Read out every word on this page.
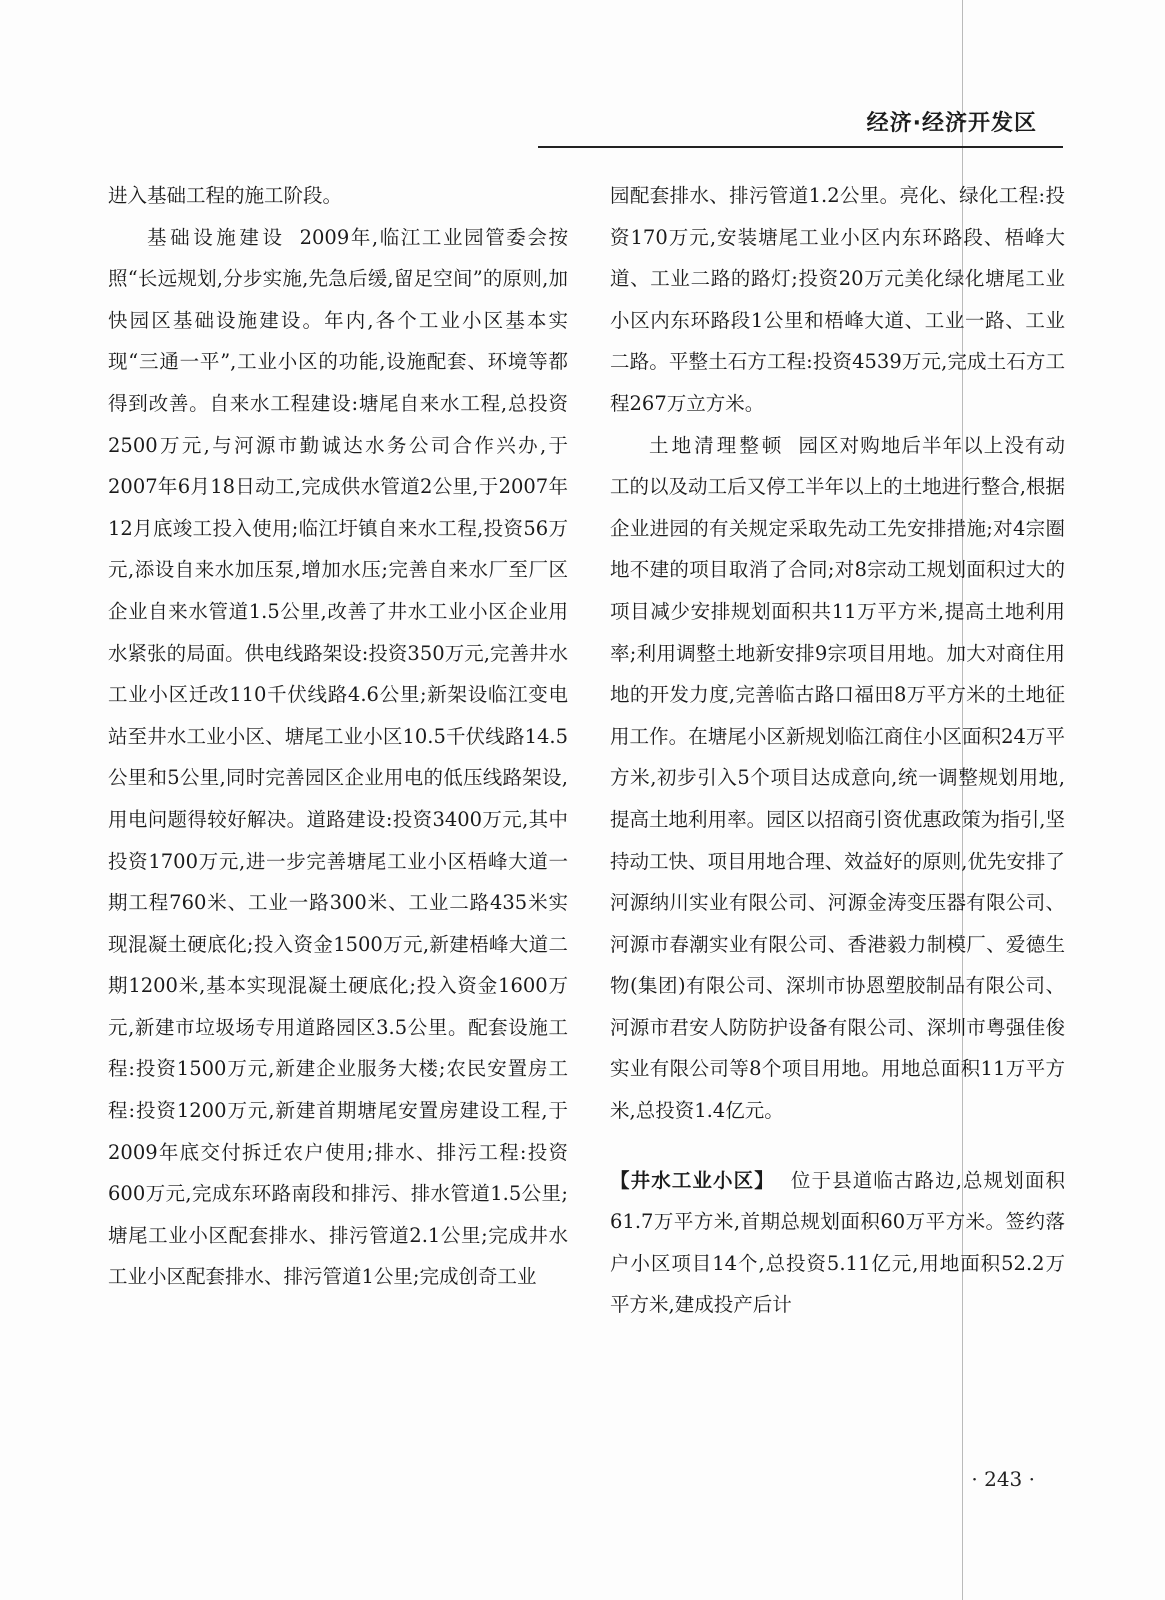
经济·经济开发区

进入基础工程的施工阶段。

基础设施建设 2009年,临江工业园管委会按照“长远规划,分步实施,先急后缓,留足空间”的原则,加快园区基础设施建设。年内,各个工业小区基本实现“三通一平”,工业小区的功能,设施配套、环境等都得到改善。自来水工程建设:塘尾自来水工程,总投资2500万元,与河源市勤诚达水务公司合作兴办,于2007年6月18日动工,完成供水管道2公里,于2007年12月底竣工投入使用;临江圩镇自来水工程,投资56万元,添设自来水加压泵,增加水压;完善自来水厂至厂区企业自来水管道1.5公里,改善了井水工业小区企业用水紧张的局面。供电线路架设:投资350万元,完善井水工业小区迁改110千伏线路4.6公里;新架设临江变电站至井水工业小区、塘尾工业小区10.5千伏线路14.5公里和5公里,同时完善园区企业用电的低压线路架设,用电问题得较好解决。道路建设:投资3400万元,其中投资1700万元,进一步完善塘尾工业小区梧峰大道一期工程760米、工业一路300米、工业二路435米实现混凝土硬底化;投入资金1500万元,新建梧峰大道二期1200米,基本实现混凝土硬底化;投入资金1600万元,新建市垃圾场专用道路园区3.5公里。配套设施工程:投资1500万元,新建企业服务大楼;农民安置房工程:投资1200万元,新建首期塘尾安置房建设工程,于2009年底交付拆迁农户使用;排水、排污工程:投资600万元,完成东环路南段和排污、排水管道1.5公里;塘尾工业小区配套排水、排污管道2.1公里;完成井水工业小区配套排水、排污管道1公里;完成创奇工业

园配套排水、排污管道1.2公里。亮化、绿化工程:投资170万元,安装塘尾工业小区内东环路段、梧峰大道、工业二路的路灯;投资20万元美化绿化塘尾工业小区内东环路段1公里和梧峰大道、工业一路、工业二路。平整土石方工程:投资4539万元,完成土石方工程267万立方米。

土地清理整顿 园区对购地后半年以上没有动工的以及动工后又停工半年以上的土地进行整合,根据企业进园的有关规定采取先动工先安排措施;对4宗圈地不建的项目取消了合同;对8宗动工规划面积过大的项目减少安排规划面积共11万平方米,提高土地利用率;利用调整土地新安排9宗项目用地。加大对商住用地的开发力度,完善临古路口福田8万平方米的土地征用工作。在塘尾小区新规划临江商住小区面积24万平方米,初步引入5个项目达成意向,统一调整规划用地,提高土地利用率。园区以招商引资优惠政策为指引,坚持动工快、项目用地合理、效益好的原则,优先安排了河源纳川实业有限公司、河源金涛变压器有限公司、河源市春潮实业有限公司、香港毅力制模厂、爱德生物(集团)有限公司、深圳市协恩塑胶制品有限公司、河源市君安人防防护设备有限公司、深圳市粤强佳俊实业有限公司等8个项目用地。用地总面积11万平方米,总投资1.4亿元。

【井水工业小区】 位于县道临古路边,总规划面积61.7万平方米,首期总规划面积60万平方米。签约落户小区项目14个,总投资5.11亿元,用地面积52.2万平方米,建成投产后计

· 243 ·
